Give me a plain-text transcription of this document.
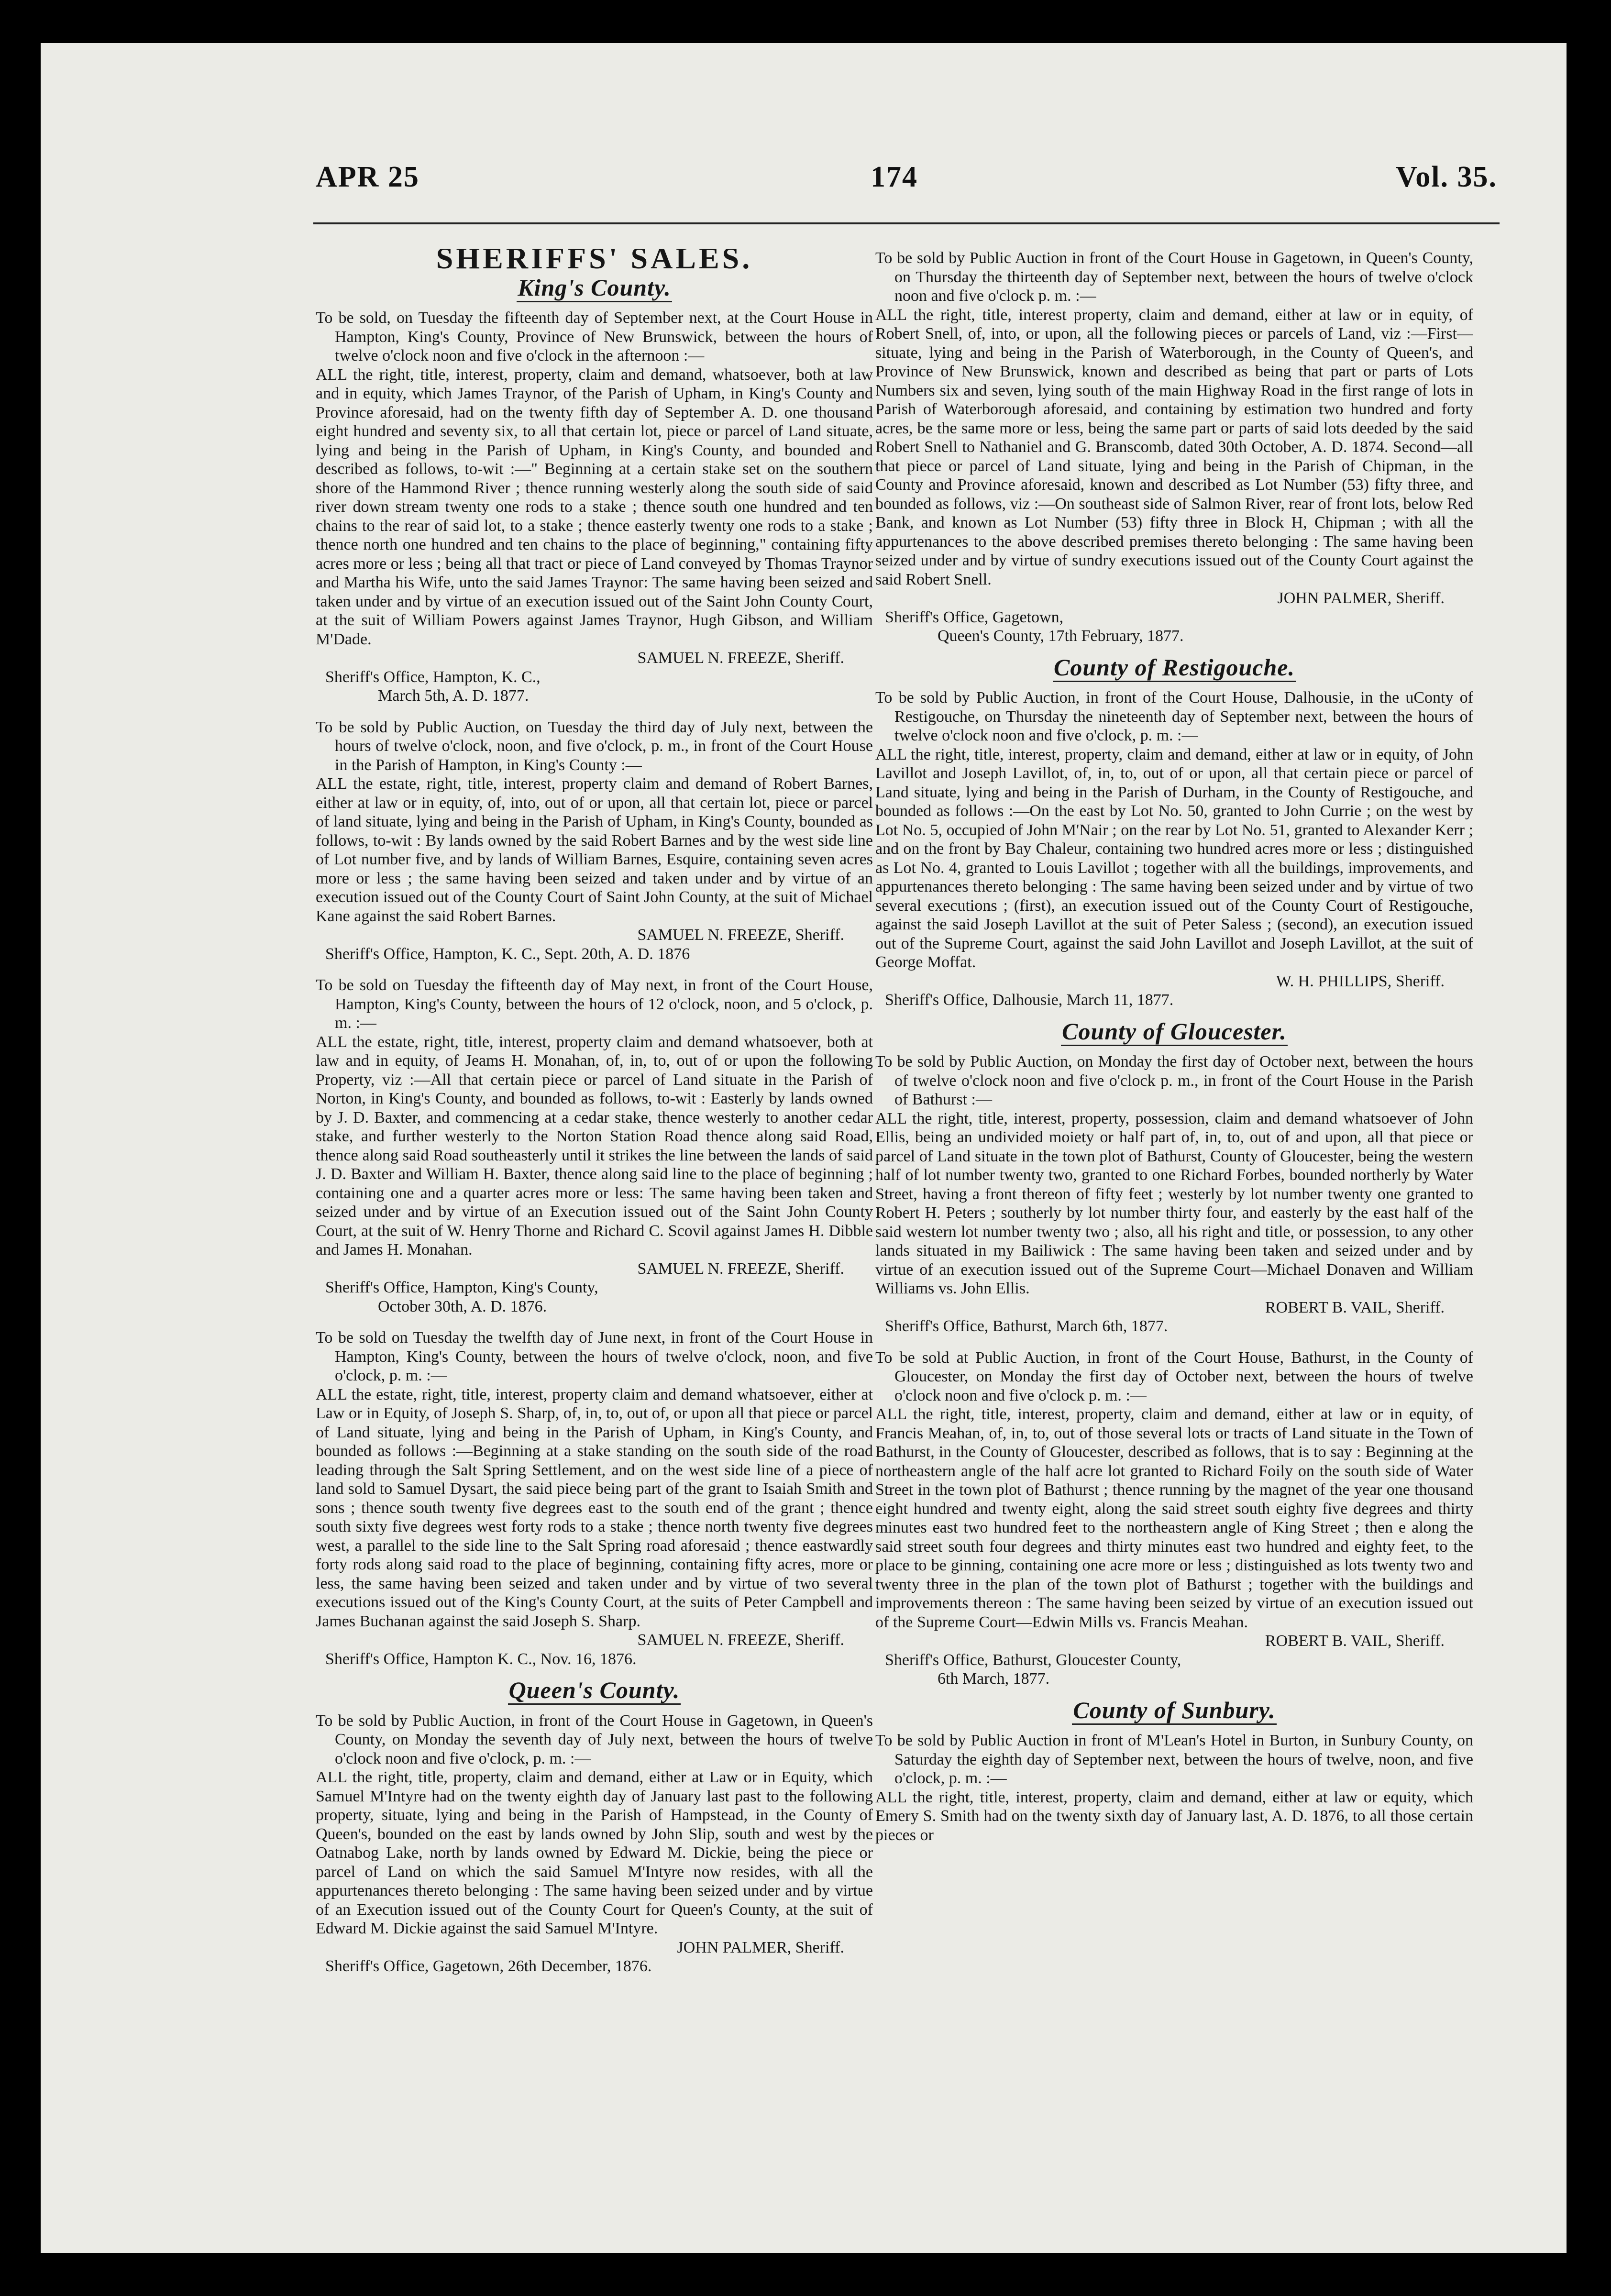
APR 25	174	Vol. 35.
SHERIFFS' SALES.
King's County.

To be sold, on Tuesday the fifteenth day of September next, at the Court House in Hampton, King's County, Province of New Brunswick, between the hours of twelve o'clock noon and five o'clock in the afternoon :—

ALL the right, title, interest, property, claim and demand, whatsoever, both at law and in equity, which James Traynor, of the Parish of Upham, in King's County and Province aforesaid, had on the twenty fifth day of September A. D. one thousand eight hundred and seventy six, to all that certain lot, piece or parcel of Land situate, lying and being in the Parish of Upham, in King's County, and bounded and described as follows, to-wit :—" Beginning at a certain stake set on the southern shore of the Hammond River ; thence running westerly along the south side of said river down stream twenty one rods to a stake ; thence south one hundred and ten chains to the rear of said lot, to a stake ; thence easterly twenty one rods to a stake ; thence north one hundred and ten chains to the place of beginning," containing fifty acres more or less ; being all that tract or piece of Land conveyed by Thomas Traynor and Martha his Wife, unto the said James Traynor: The same having been seized and taken under and by virtue of an execution issued out of the Saint John County Court, at the suit of William Powers against James Traynor, Hugh Gibson, and William M'Dade.

SAMUEL N. FREEZE, Sheriff.

Sheriff's Office, Hampton, K. C.,

March 5th, A. D. 1877.

To be sold by Public Auction, on Tuesday the third day of July next, between the hours of twelve o'clock, noon, and five o'clock, p. m., in front of the Court House in the Parish of Hampton, in King's County :—

ALL the estate, right, title, interest, property claim and demand of Robert Barnes, either at law or in equity, of, into, out of or upon, all that certain lot, piece or parcel of land situate, lying and being in the Parish of Upham, in King's County, bounded as follows, to-wit : By lands owned by the said Robert Barnes and by the west side line of Lot number five, and by lands of William Barnes, Esquire, containing seven acres more or less ; the same having been seized and taken under and by virtue of an execution issued out of the County Court of Saint John County, at the suit of Michael Kane against the said Robert Barnes.

SAMUEL N. FREEZE, Sheriff.

Sheriff's Office, Hampton, K. C., Sept. 20th, A. D. 1876

To be sold on Tuesday the fifteenth day of May next, in front of the Court House, Hampton, King's County, between the hours of 12 o'clock, noon, and 5 o'clock, p. m. :—

ALL the estate, right, title, interest, property claim and demand whatsoever, both at law and in equity, of Jeams H. Monahan, of, in, to, out of or upon the following Property, viz :—All that certain piece or parcel of Land situate in the Parish of Norton, in King's County, and bounded as follows, to-wit : Easterly by lands owned by J. D. Baxter, and commencing at a cedar stake, thence westerly to another cedar stake, and further westerly to the Norton Station Road thence along said Road, thence along said Road southeasterly until it strikes the line between the lands of said J. D. Baxter and William H. Baxter, thence along said line to the place of beginning ; containing one and a quarter acres more or less: The same having been taken and seized under and by virtue of an Execution issued out of the Saint John County Court, at the suit of W. Henry Thorne and Richard C. Scovil against James H. Dibble and James H. Monahan.

SAMUEL N. FREEZE, Sheriff.

Sheriff's Office, Hampton, King's County,

October 30th, A. D. 1876.

To be sold on Tuesday the twelfth day of June next, in front of the Court House in Hampton, King's County, between the hours of twelve o'clock, noon, and five o'clock, p. m. :—

ALL the estate, right, title, interest, property claim and demand whatsoever, either at Law or in Equity, of Joseph S. Sharp, of, in, to, out of, or upon all that piece or parcel of Land situate, lying and being in the Parish of Upham, in King's County, and bounded as follows :—Beginning at a stake standing on the south side of the road leading through the Salt Spring Settlement, and on the west side line of a piece of land sold to Samuel Dysart, the said piece being part of the grant to Isaiah Smith and sons ; thence south twenty five degrees east to the south end of the grant ; thence south sixty five degrees west forty rods to a stake ; thence north twenty five degrees west, a parallel to the side line to the Salt Spring road aforesaid ; thence eastwardly forty rods along said road to the place of beginning, containing fifty acres, more or less, the same having been seized and taken under and by virtue of two several executions issued out of the King's County Court, at the suits of Peter Campbell and James Buchanan against the said Joseph S. Sharp.

SAMUEL N. FREEZE, Sheriff.

Sheriff's Office, Hampton K. C., Nov. 16, 1876.

Queen's County.

To be sold by Public Auction, in front of the Court House in Gagetown, in Queen's County, on Monday the seventh day of July next, between the hours of twelve o'clock noon and five o'clock, p. m. :—

ALL the right, title, property, claim and demand, either at Law or in Equity, which Samuel M'Intyre had on the twenty eighth day of January last past to the following property, situate, lying and being in the Parish of Hampstead, in the County of Queen's, bounded on the east by lands owned by John Slip, south and west by the Oatnabog Lake, north by lands owned by Edward M. Dickie, being the piece or parcel of Land on which the said Samuel M'Intyre now resides, with all the appurtenances thereto belonging : The same having been seized under and by virtue of an Execution issued out of the County Court for Queen's County, at the suit of Edward M. Dickie against the said Samuel M'Intyre.

JOHN PALMER, Sheriff.

Sheriff's Office, Gagetown, 26th December, 1876.

To be sold by Public Auction in front of the Court House in Gagetown, in Queen's County, on Thursday the thirteenth day of September next, between the hours of twelve o'clock noon and five o'clock p. m. :—

ALL the right, title, interest property, claim and demand, either at law or in equity, of Robert Snell, of, into, or upon, all the following pieces or parcels of Land, viz :—First—situate, lying and being in the Parish of Waterborough, in the County of Queen's, and Province of New Brunswick, known and described as being that part or parts of Lots Numbers six and seven, lying south of the main Highway Road in the first range of lots in Parish of Waterborough aforesaid, and containing by estimation two hundred and forty acres, be the same more or less, being the same part or parts of said lots deeded by the said Robert Snell to Nathaniel and G. Branscomb, dated 30th October, A. D. 1874. Second—all that piece or parcel of Land situate, lying and being in the Parish of Chipman, in the County and Province aforesaid, known and described as Lot Number (53) fifty three, and bounded as follows, viz :—On southeast side of Salmon River, rear of front lots, below Red Bank, and known as Lot Number (53) fifty three in Block H, Chipman ; with all the appurtenances to the above described premises thereto belonging : The same having been seized under and by virtue of sundry executions issued out of the County Court against the said Robert Snell.

JOHN PALMER, Sheriff.

Sheriff's Office, Gagetown,

Queen's County, 17th February, 1877.

County of Restigouche.

To be sold by Public Auction, in front of the Court House, Dalhousie, in the uConty of Restigouche, on Thursday the nineteenth day of September next, between the hours of twelve o'clock noon and five o'clock, p. m. :—

ALL the right, title, interest, property, claim and demand, either at law or in equity, of John Lavillot and Joseph Lavillot, of, in, to, out of or upon, all that certain piece or parcel of Land situate, lying and being in the Parish of Durham, in the County of Restigouche, and bounded as follows :—On the east by Lot No. 50, granted to John Currie ; on the west by Lot No. 5, occupied of John M'Nair ; on the rear by Lot No. 51, granted to Alexander Kerr ; and on the front by Bay Chaleur, containing two hundred acres more or less ; distinguished as Lot No. 4, granted to Louis Lavillot ; together with all the buildings, improvements, and appurtenances thereto belonging : The same having been seized under and by virtue of two several executions ; (first), an execution issued out of the County Court of Restigouche, against the said Joseph Lavillot at the suit of Peter Saless ; (second), an execution issued out of the Supreme Court, against the said John Lavillot and Joseph Lavillot, at the suit of George Moffat.

W. H. PHILLIPS, Sheriff.

Sheriff's Office, Dalhousie, March 11, 1877.

County of Gloucester.

To be sold by Public Auction, on Monday the first day of October next, between the hours of twelve o'clock noon and five o'clock p. m., in front of the Court House in the Parish of Bathurst :—

ALL the right, title, interest, property, possession, claim and demand whatsoever of John Ellis, being an undivided moiety or half part of, in, to, out of and upon, all that piece or parcel of Land situate in the town plot of Bathurst, County of Gloucester, being the western half of lot number twenty two, granted to one Richard Forbes, bounded northerly by Water Street, having a front thereon of fifty feet ; westerly by lot number twenty one granted to Robert H. Peters ; southerly by lot number thirty four, and easterly by the east half of the said western lot number twenty two ; also, all his right and title, or possession, to any other lands situated in my Bailiwick : The same having been taken and seized under and by virtue of an execution issued out of the Supreme Court—Michael Donaven and William Williams vs. John Ellis.

ROBERT B. VAIL, Sheriff.

Sheriff's Office, Bathurst, March 6th, 1877.

To be sold at Public Auction, in front of the Court House, Bathurst, in the County of Gloucester, on Monday the first day of October next, between the hours of twelve o'clock noon and five o'clock p. m. :—

ALL the right, title, interest, property, claim and demand, either at law or in equity, of Francis Meahan, of, in, to, out of those several lots or tracts of Land situate in the Town of Bathurst, in the County of Gloucester, described as follows, that is to say : Beginning at the northeastern angle of the half acre lot granted to Richard Foily on the south side of Water Street in the town plot of Bathurst ; thence running by the magnet of the year one thousand eight hundred and twenty eight, along the said street south eighty five degrees and thirty minutes east two hundred feet to the northeastern angle of King Street ; then e along the said street south four degrees and thirty minutes east two hundred and eighty feet, to the place to be ginning, containing one acre more or less ; distinguished as lots twenty two and twenty three in the plan of the town plot of Bathurst ; together with the buildings and improvements thereon : The same having been seized by virtue of an execution issued out of the Supreme Court—Edwin Mills vs. Francis Meahan.

ROBERT B. VAIL, Sheriff.

Sheriff's Office, Bathurst, Gloucester County,

6th March, 1877.

County of Sunbury.

To be sold by Public Auction in front of M'Lean's Hotel in Burton, in Sunbury County, on Saturday the eighth day of September next, between the hours of twelve, noon, and five o'clock, p. m. :—

ALL the right, title, interest, property, claim and demand, either at law or equity, which Emery S. Smith had on the twenty sixth day of January last, A. D. 1876, to all those certain pieces or
